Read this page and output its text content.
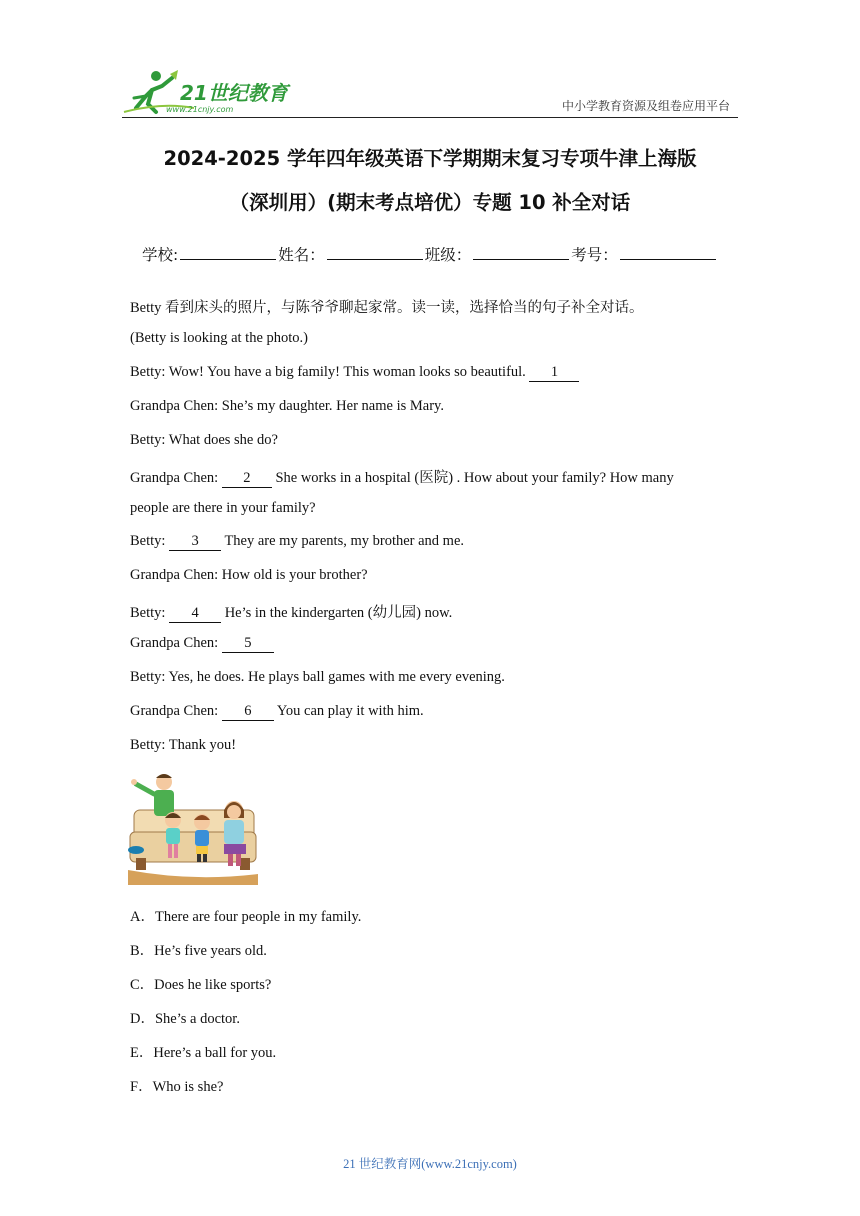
21世纪教育
www.21cnjy.com	中小学教育资源及组卷应用平台
2024-2025 学年四年级英语下学期期末复习专项牛津上海版
（深圳用）(期末考点培优）专题 10 补全对话
学校:	姓名：	班级：	考号：
Betty 看到床头的照片，与陈爷爷聊起家常。读一读，选择恰当的句子补全对话。
(Betty is looking at the photo.)
Betty: Wow! You have a big family! This woman looks so beautiful. 1
Grandpa Chen: She’s my daughter. Her name is Mary.
Betty: What does she do?
Grandpa Chen: 2 She works in a hospital (医院) . How about your family? How many
people are there in your family?
Betty: 3 They are my parents, my brother and me.
Grandpa Chen: How old is your brother?
Betty: 4 He’s in the kindergarten (幼儿园) now.
Grandpa Chen: 5
Betty: Yes, he does. He plays ball games with me every evening.
Grandpa Chen: 6 You can play it with him.
Betty: Thank you!
A．There are four people in my family.
B．He’s five years old.
C．Does he like sports?
D．She’s a doctor.
E．Here’s a ball for you.
F．Who is she?
21 世纪教育网(www.21cnjy.com)
